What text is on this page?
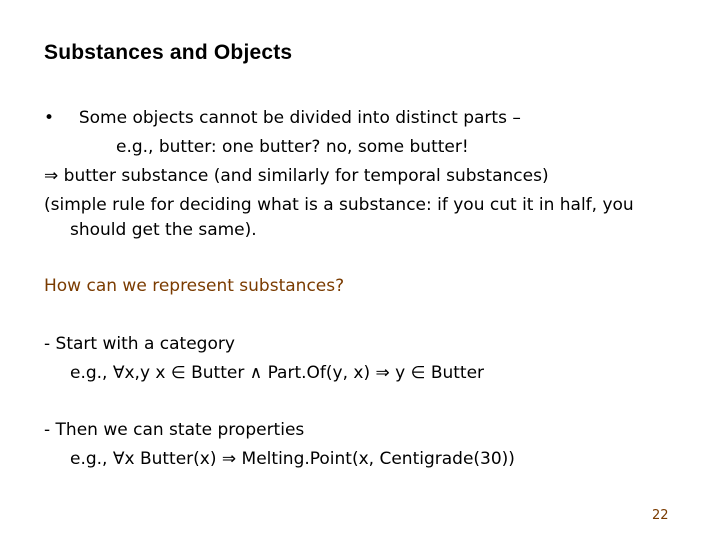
Substances and Objects
• Some objects cannot be divided into distinct parts –
e.g., butter: one butter? no, some butter!
⇒ butter substance (and similarly for temporal substances)
(simple rule for deciding what is a substance: if you cut it in half, you
should get the same).
How can we represent substances?
- Start with a category
e.g., ∀x,y x ∈ Butter ∧ Part.Of(y, x) ⇒ y ∈ Butter
- Then we can state properties
e.g., ∀x Butter(x) ⇒ Melting.Point(x, Centigrade(30))
22
